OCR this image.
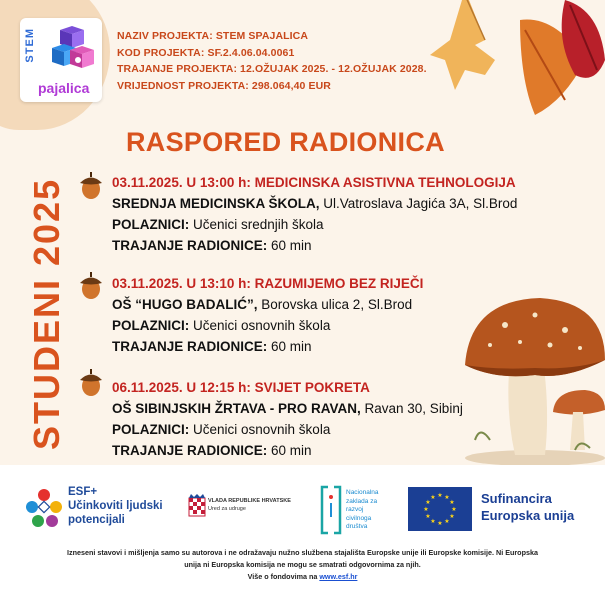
STEM
pajalica
NAZIV PROJEKTA: STEM SPAJALICA
KOD PROJEKTA: SF.2.4.06.04.0061
TRAJANJE PROJEKTA: 12.OŽUJAK 2025. - 12.OŽUJAK 2028.
VRIJEDNOST PROJEKTA: 298.064,40 EUR
RASPORED RADIONICA
STUDENI 2025	03.11.2025. U 13:00 h: MEDICINSKA ASISTIVNA TEHNOLOGIJA
SREDNJA MEDICINSKA ŠKOLA, Ul.Vatroslava Jagića 3A, Sl.Brod
POLAZNICI: Učenici srednjih škola
TRAJANJE RADIONICE: 60 min
03.11.2025. U 13:10 h: RAZUMIJEMO BEZ RIJEČI
OŠ “HUGO BADALIĆ”, Borovska ulica 2, Sl.Brod
POLAZNICI: Učenici osnovnih škola
TRAJANJE RADIONICE: 60 min
06.11.2025. U 12:15 h: SVIJET POKRETA
OŠ SIBINJSKIH ŽRTAVA - PRO RAVAN, Ravan 30, Sibinj
POLAZNICI: Učenici osnovnih škola
TRAJANJE RADIONICE: 60 min
ESF+
Učinkoviti ljudski
potencijali
VLADA REPUBLIKE HRVATSKE
Ured za udruge
Nacionalna
zaklada za
razvoj
civilnoga
društva
★ ★
★
★
★
★
★
★
★
★
★
★	Sufinancira
Europska unija
Izneseni stavovi i mišljenja samo su autorova i ne odražavaju nužno službena stajališta Europske unije ili Europske komisije. Ni Europska
unija ni Europska komisija ne mogu se smatrati odgovornima za njih.
Više o fondovima na www.esf.hr
